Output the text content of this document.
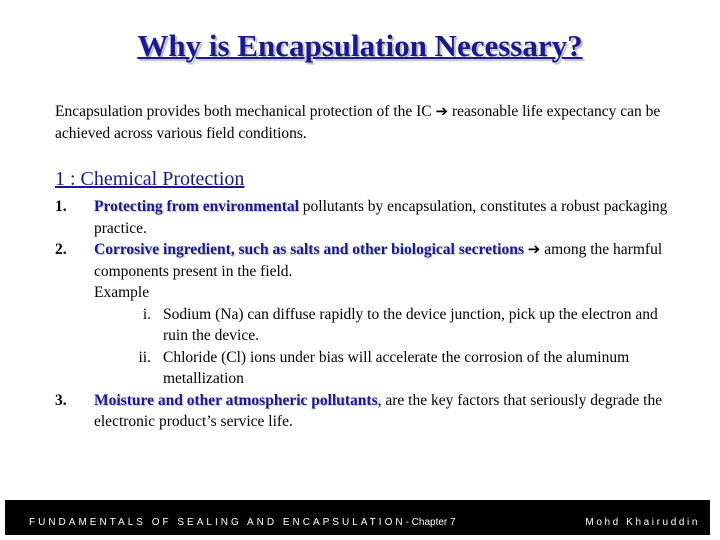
Why is Encapsulation Necessary?
Encapsulation provides both mechanical protection of the IC ➔ reasonable life expectancy can be achieved across various field conditions.
1 : Chemical Protection
1. Protecting from environmental pollutants by encapsulation, constitutes a robust packaging practice.
2. Corrosive ingredient, such as salts and other biological secretions ➔ among the harmful components present in the field.
Example
i. Sodium (Na) can diffuse rapidly to the device junction, pick up the electron and ruin the device.
ii. Chloride (Cl) ions under bias will accelerate the corrosion of the aluminum metallization
3. Moisture and other atmospheric pollutants, are the key factors that seriously degrade the electronic product’s service life.
FUNDAMENTALS OF SEALING AND ENCAPSULATION- Chapter 7	Mohd Khairuddin
